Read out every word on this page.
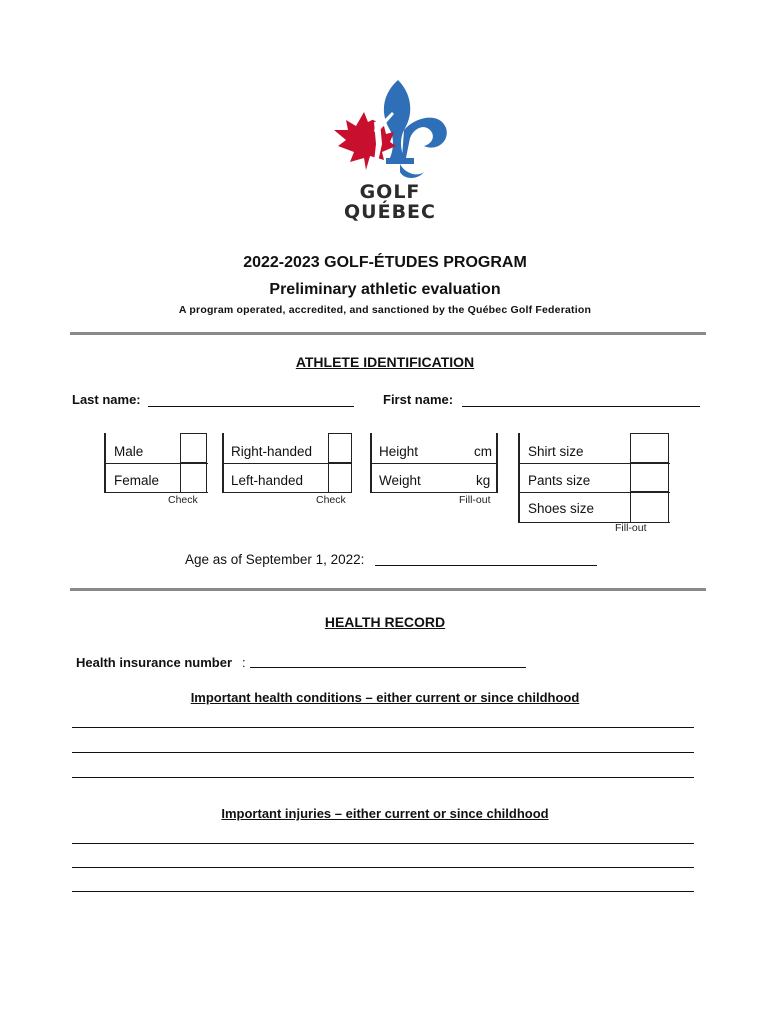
GOLF
QUÉBEC
2022-2023 GOLF-ÉTUDES PROGRAM
Preliminary athletic evaluation
A program operated, accredited, and sanctioned by the Québec Golf Federation
ATHLETE IDENTIFICATION
Last name:	First name:
Male
Female
Check
Right-handed
Left-handed
Check
Height
Weight
cm
kg
Fill-out
Shirt size
Pants size
Shoes size
Fill-out
Age as of September 1, 2022:
HEALTH RECORD
Health insurance number :
Important health conditions – either current or since childhood
Important injuries – either current or since childhood
